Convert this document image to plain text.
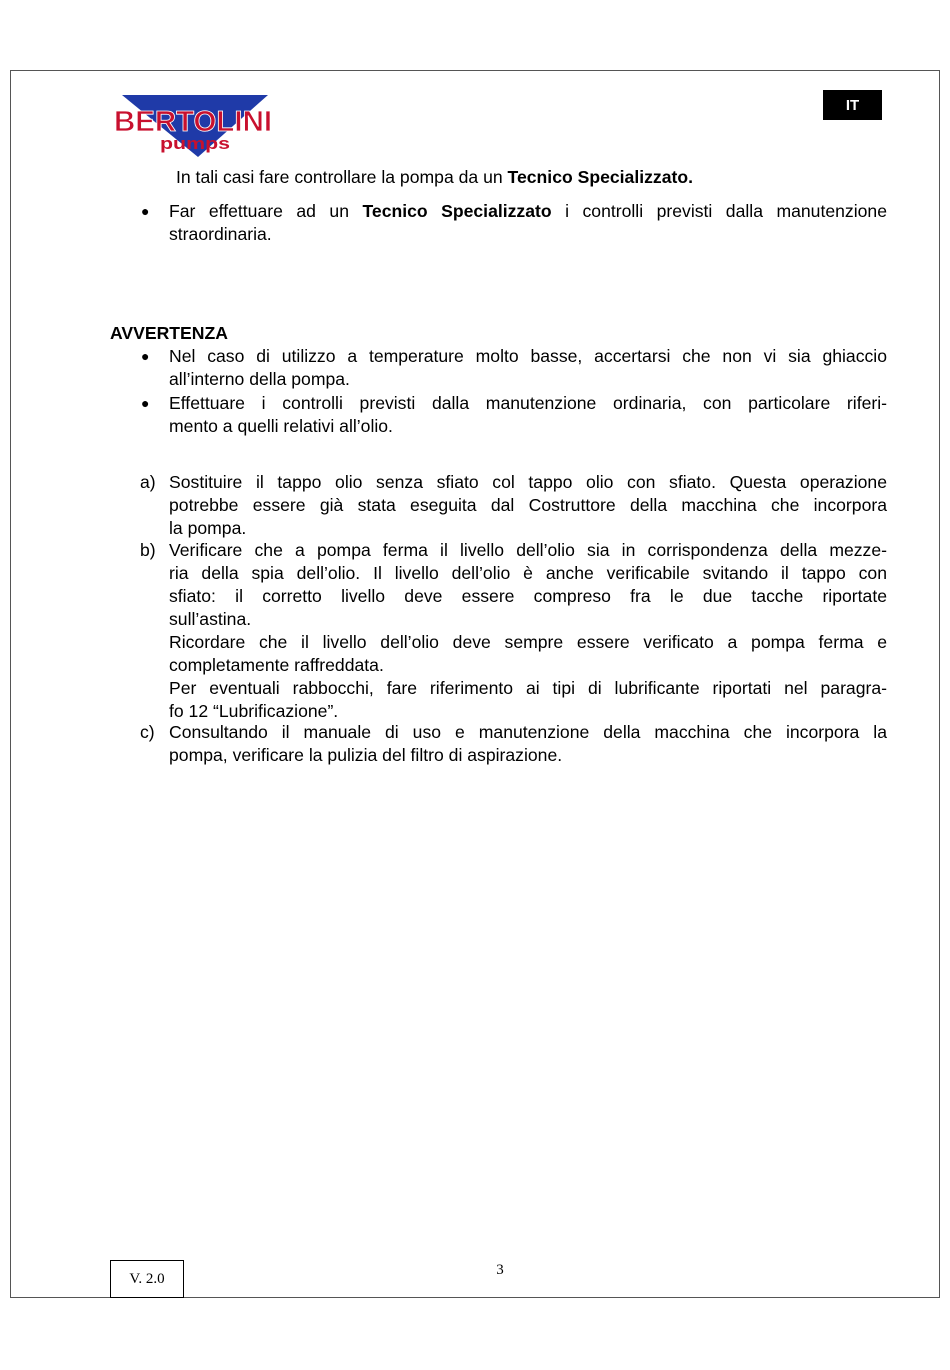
BERTOLINI
pumps
IT
In tali casi fare controllare la pompa da un Tecnico Specializzato.
● Far effettuare ad un Tecnico Specializzato i controlli previsti dalla manutenzione
straordinaria.
AVVERTENZA
● Nel caso di utilizzo a temperature molto basse, accertarsi che non vi sia ghiaccio
all’interno della pompa.
● Effettuare i controlli previsti dalla manutenzione ordinaria, con particolare riferi-
mento a quelli relativi all’olio.
a) Sostituire il tappo olio senza sfiato col tappo olio con sfiato. Questa operazione
potrebbe essere già stata eseguita dal Costruttore della macchina che incorpora
la pompa.
b) Verificare che a pompa ferma il livello dell’olio sia in corrispondenza della mezze-
ria della spia dell’olio. Il livello dell’olio è anche verificabile svitando il tappo con
sfiato: il corretto livello deve essere compreso fra le due tacche riportate
sull’astina.
Ricordare che il livello dell’olio deve sempre essere verificato a pompa ferma e
completamente raffreddata.
Per eventuali rabbocchi, fare riferimento ai tipi di lubrificante riportati nel paragra-
fo 12 “Lubrificazione”.
c) Consultando il manuale di uso e manutenzione della macchina che incorpora la
pompa, verificare la pulizia del filtro di aspirazione.
V. 2.0
3
